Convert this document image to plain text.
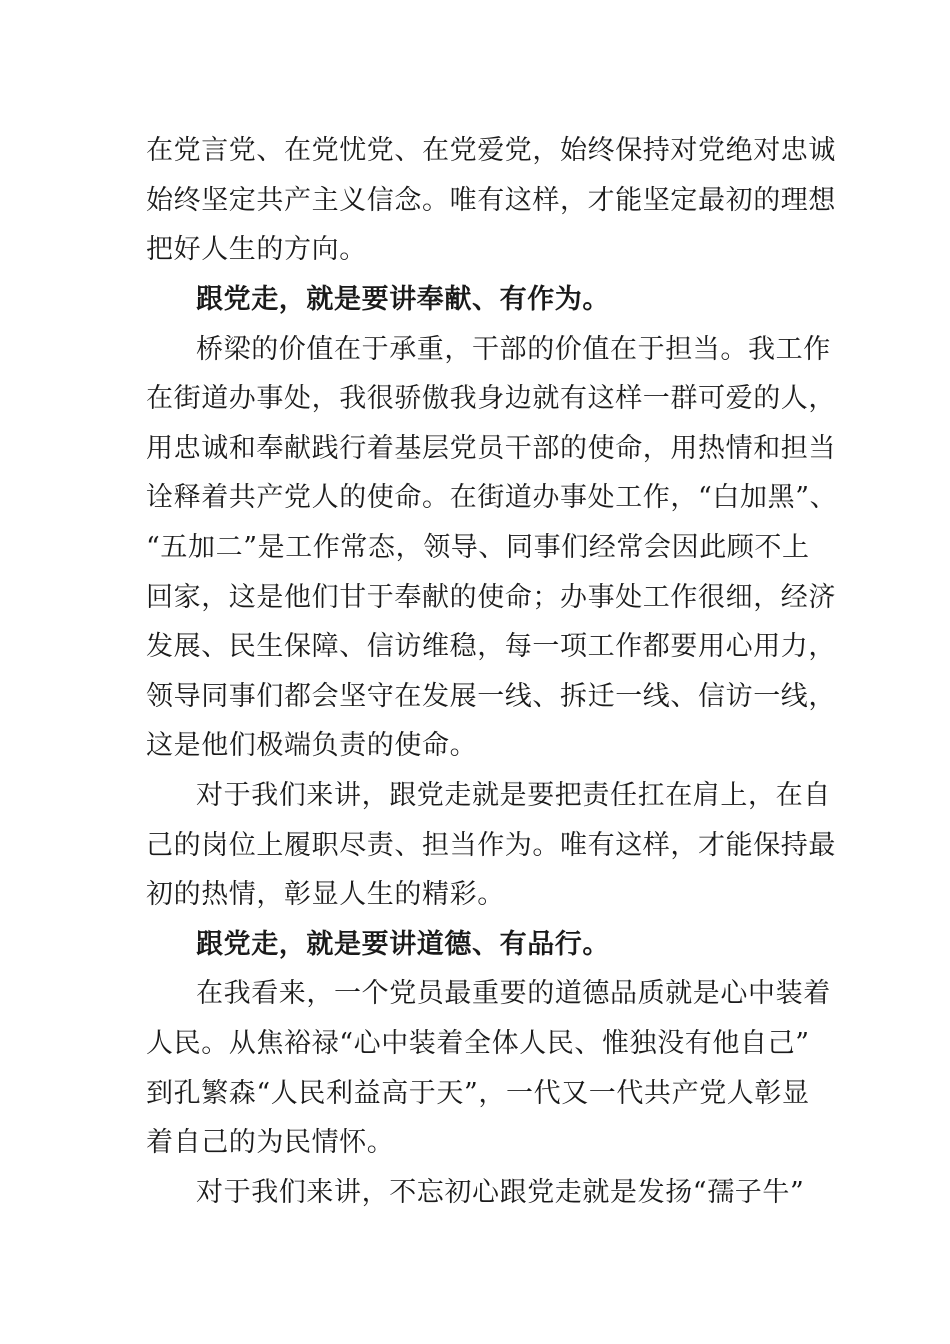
在党言党、在党忧党、在党爱党，始终保持对党绝对忠诚
始终坚定共产主义信念。唯有这样，才能坚定最初的理想
把好人生的方向。
跟党走，就是要讲奉献、有作为。
桥梁的价值在于承重，干部的价值在于担当。我工作
在街道办事处，我很骄傲我身边就有这样一群可爱的人，
用忠诚和奉献践行着基层党员干部的使命，用热情和担当
诠释着共产党人的使命。在街道办事处工作，“白加黑”、
“五加二”是工作常态，领导、同事们经常会因此顾不上
回家，这是他们甘于奉献的使命；办事处工作很细，经济
发展、民生保障、信访维稳，每一项工作都要用心用力，
领导同事们都会坚守在发展一线、拆迁一线、信访一线，
这是他们极端负责的使命。
对于我们来讲，跟党走就是要把责任扛在肩上，在自
己的岗位上履职尽责、担当作为。唯有这样，才能保持最
初的热情，彰显人生的精彩。
跟党走，就是要讲道德、有品行。
在我看来，一个党员最重要的道德品质就是心中装着
人民。从焦裕禄“心中装着全体人民、惟独没有他自己”
到孔繁森“人民利益高于天”，一代又一代共产党人彰显
着自己的为民情怀。
对于我们来讲，不忘初心跟党走就是发扬“孺子牛”
